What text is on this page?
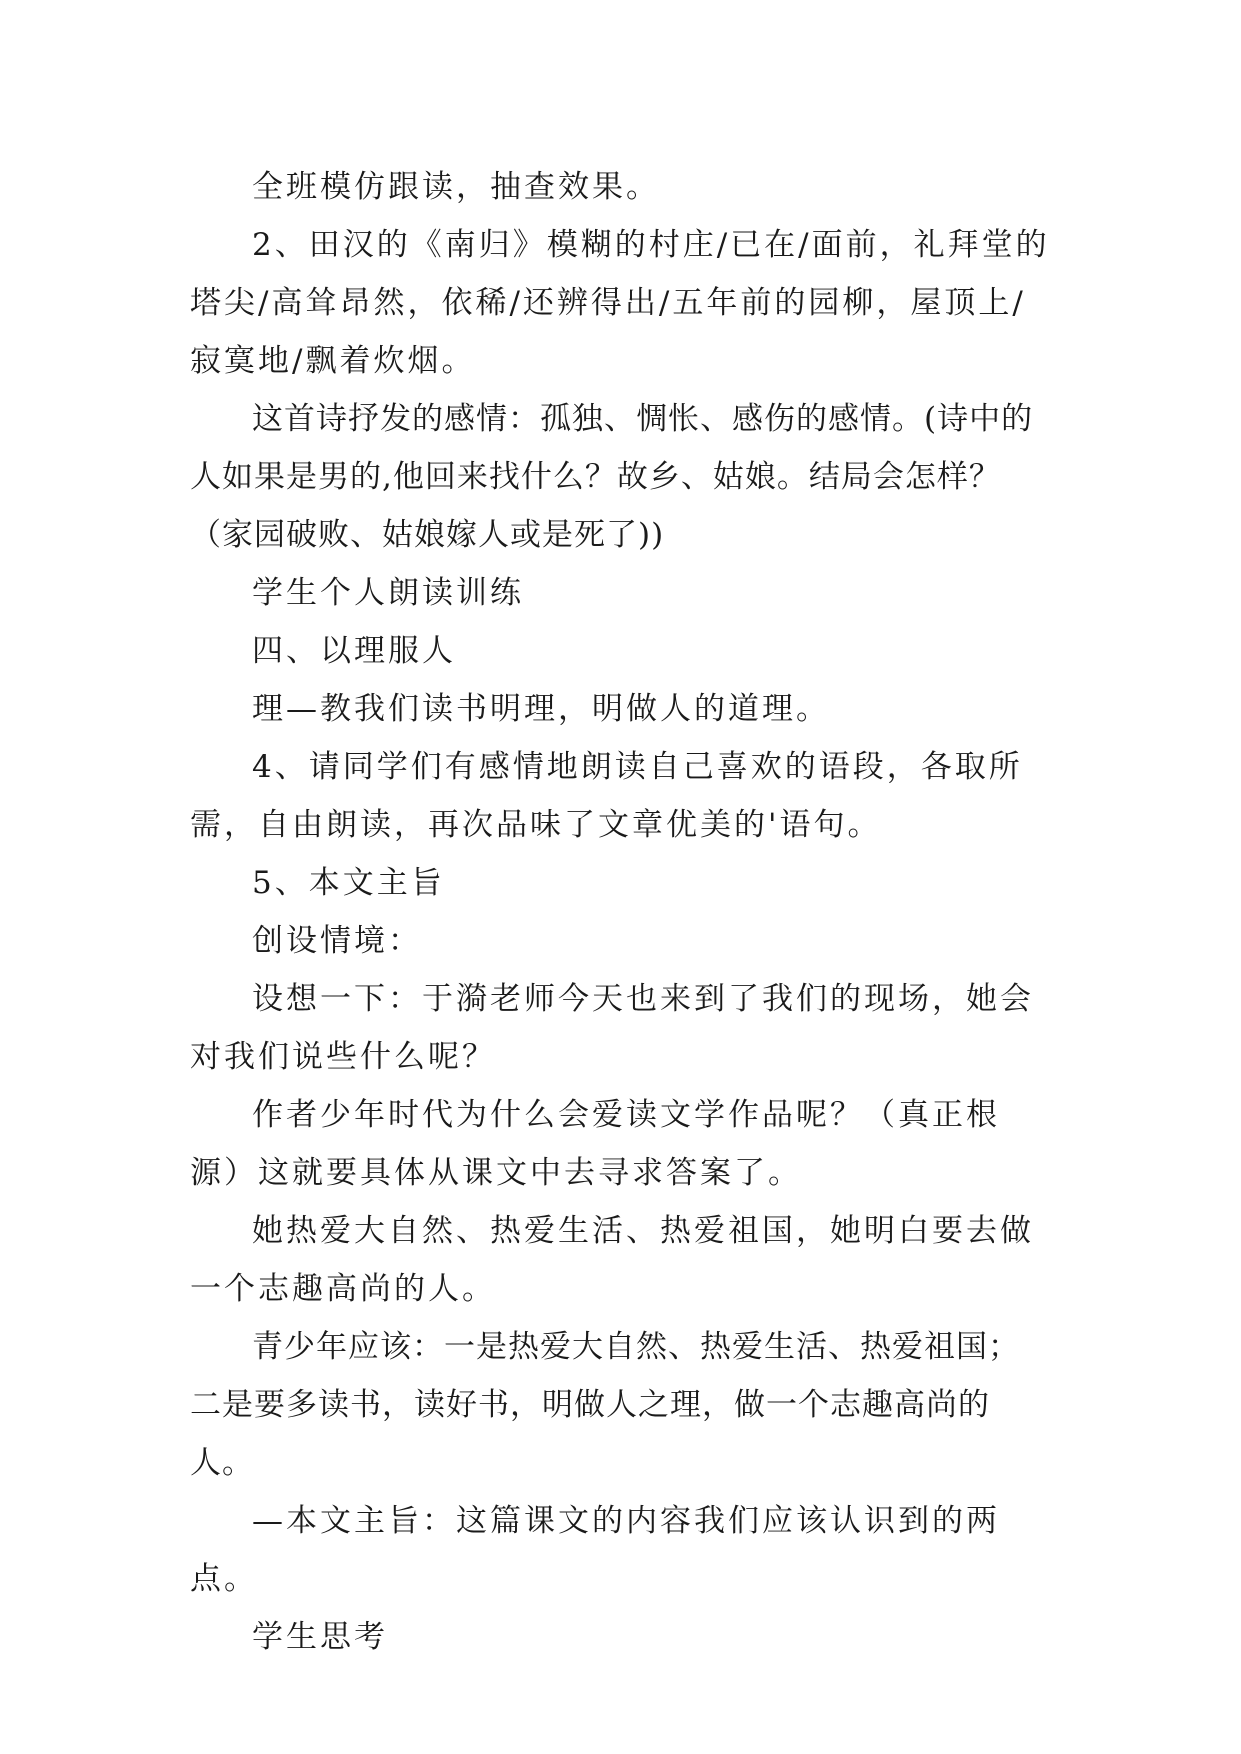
全班模仿跟读，抽查效果。

2、田汉的《南归》模糊的村庄/已在/面前，礼拜堂的塔尖/高耸昂然，依稀/还辨得出/五年前的园柳，屋顶上/寂寞地/飘着炊烟。

这首诗抒发的感情：孤独、惆怅、感伤的感情。(诗中的人如果是男的,他回来找什么？故乡、姑娘。结局会怎样？（家园破败、姑娘嫁人或是死了))

学生个人朗读训练

四、以理服人

理—教我们读书明理，明做人的道理。

4、请同学们有感情地朗读自己喜欢的语段，各取所需，自由朗读，再次品味了文章优美的'语句。

5、本文主旨

创设情境：

设想一下：于漪老师今天也来到了我们的现场，她会对我们说些什么呢？

作者少年时代为什么会爱读文学作品呢？（真正根源）这就要具体从课文中去寻求答案了。

她热爱大自然、热爱生活、热爱祖国，她明白要去做一个志趣高尚的人。

青少年应该：一是热爱大自然、热爱生活、热爱祖国；二是要多读书，读好书，明做人之理，做一个志趣高尚的人。

—本文主旨：这篇课文的内容我们应该认识到的两点。

学生思考
